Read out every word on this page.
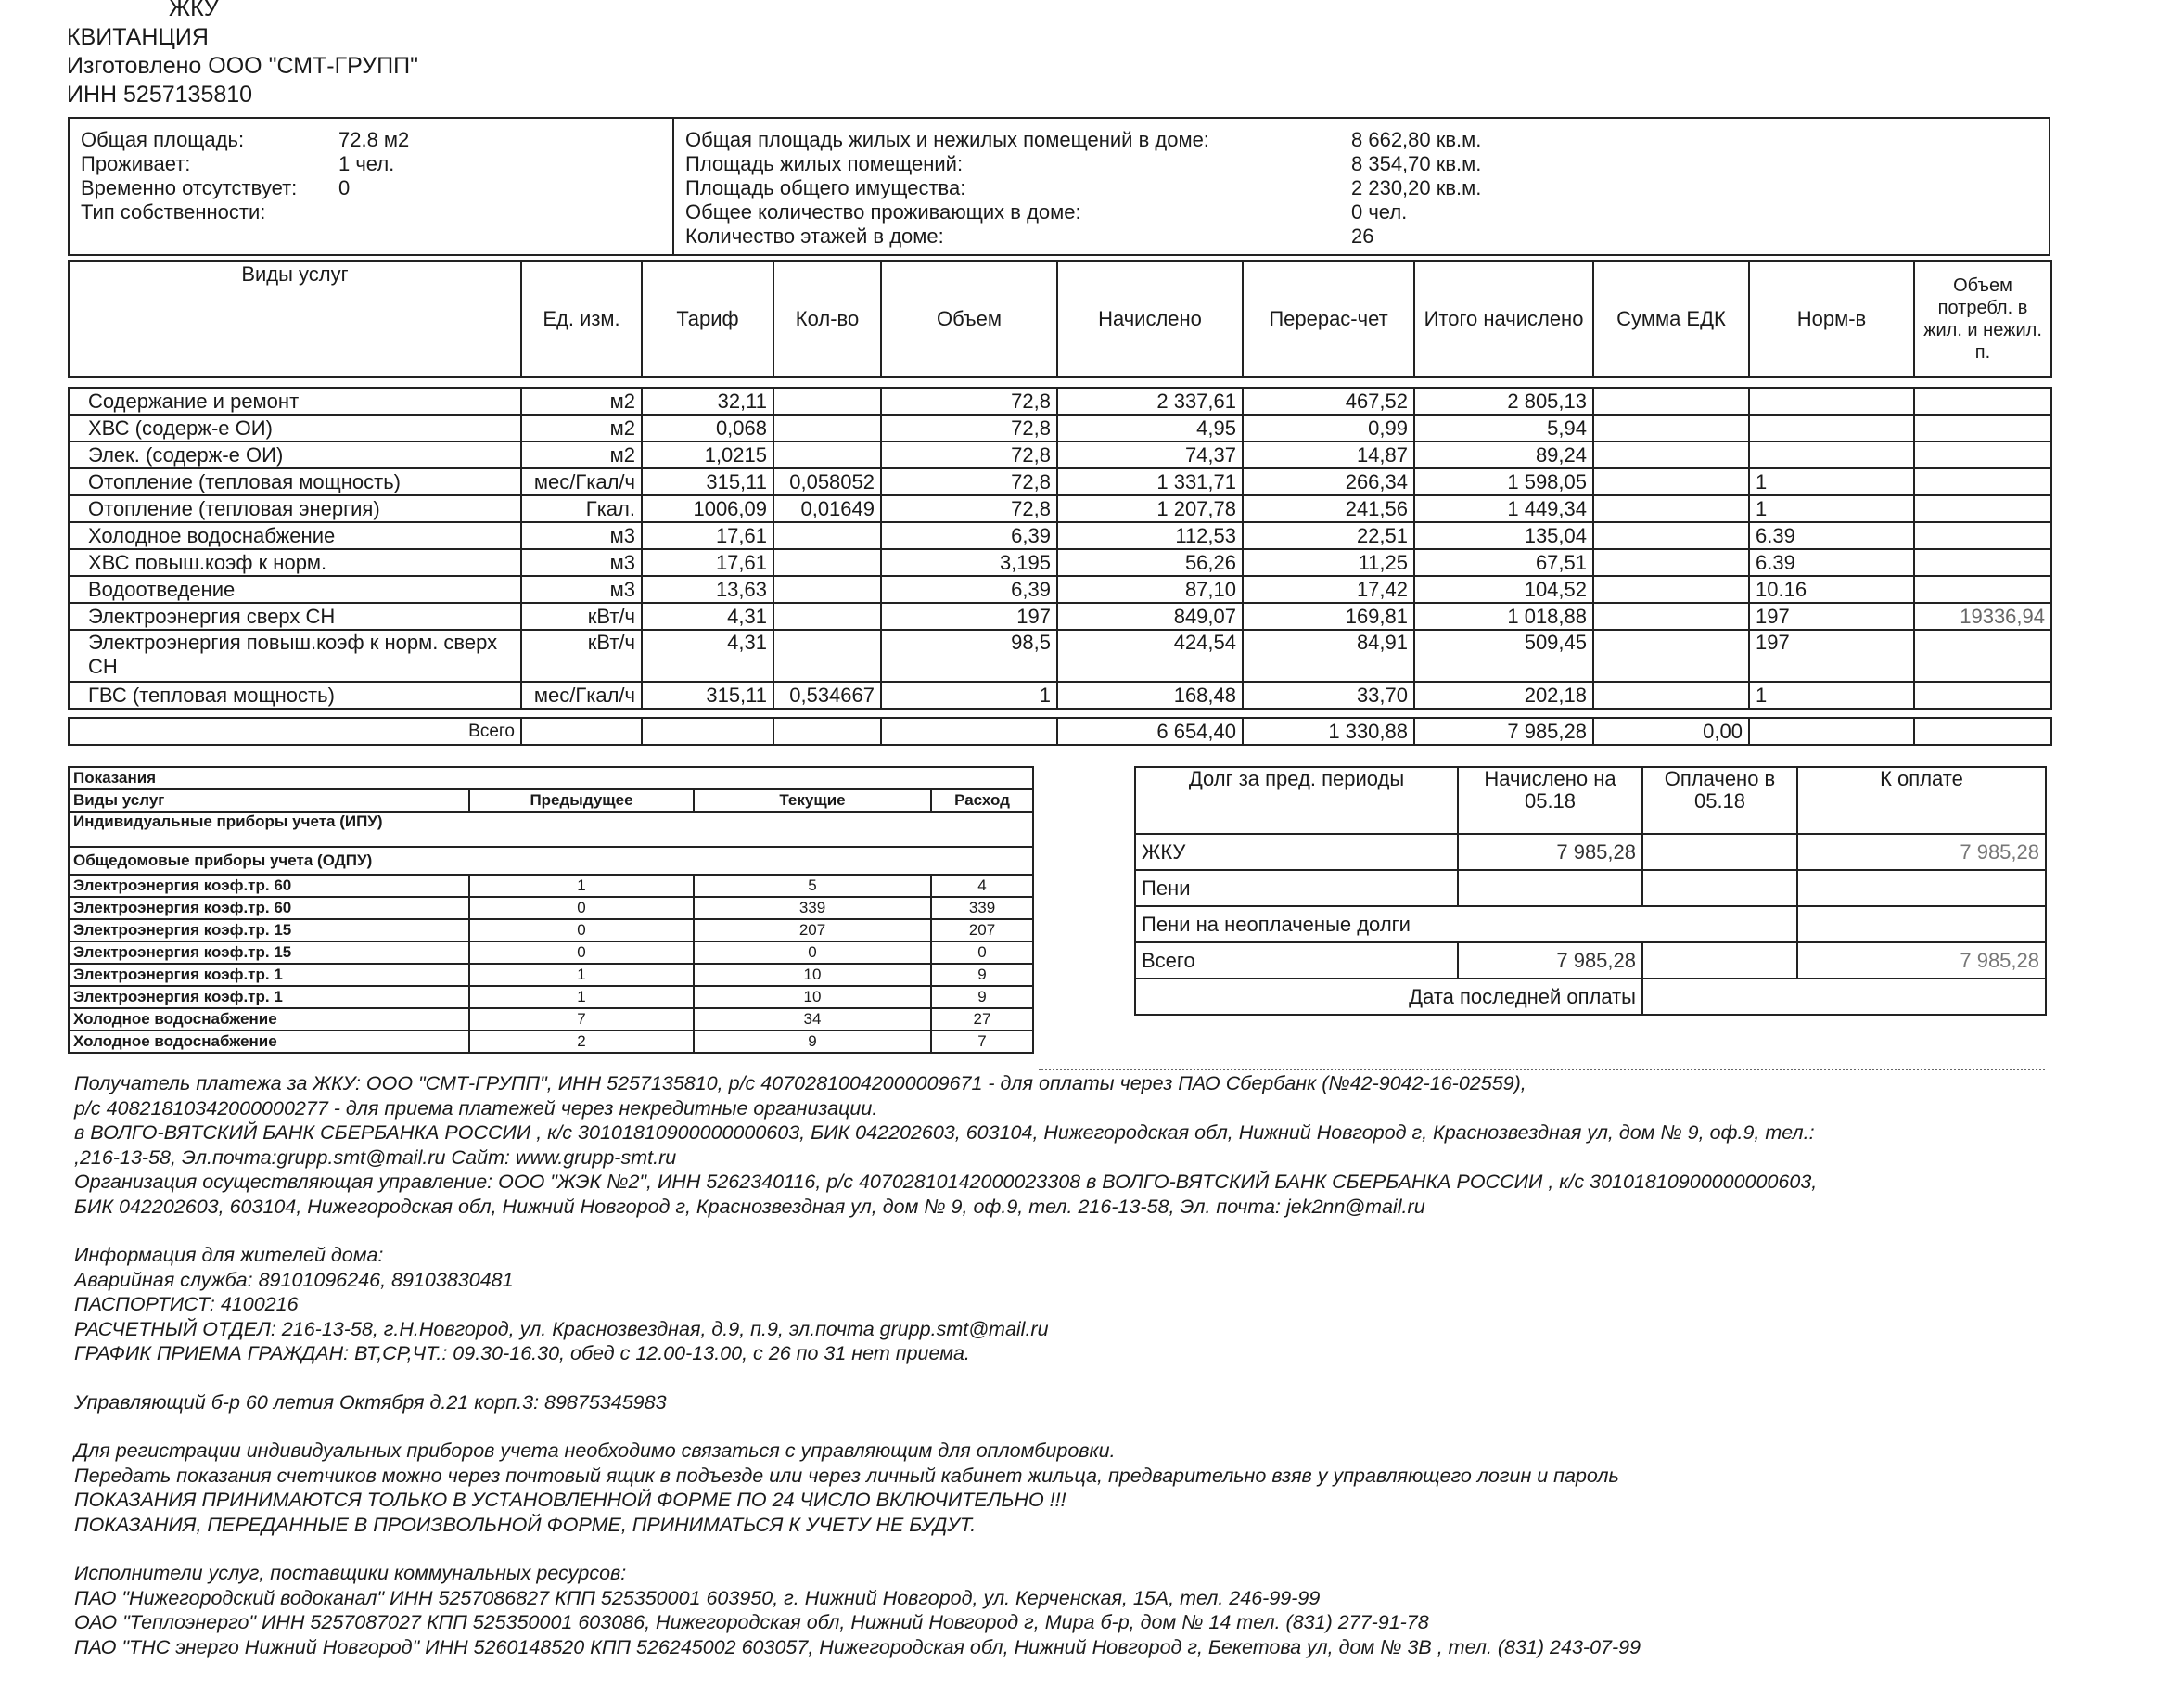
ЖКУ
КВИТАНЦИЯ
Изготовлено ООО "СМТ-ГРУПП"
ИНН 5257135810
Общая площадь:	72.8 м2
Проживает:	1 чел.
Временно отсутствует:	0
Тип собственности:	
Общая площадь жилых и нежилых помещений в доме:	8 662,80 кв.м.
Площадь жилых помещений:	8 354,70 кв.м.
Площадь общего имущества:	2 230,20 кв.м.
Общее количество проживающих в доме:	0 чел.
Количество этажей в доме:	26
Виды услуг	Ед. изм.	Тариф	Кол-во	Объем	Начислено	Перерас-чет	Итого начислено	Сумма ЕДК	Норм-в	Объем потребл. в жил. и нежил. п.

Содержание и ремонт	м2	32,11		72,8	2 337,61	467,52	2 805,13			
ХВС (содерж-е ОИ)	м2	0,068		72,8	4,95	0,99	5,94			
Элек. (содерж-е ОИ)	м2	1,0215		72,8	74,37	14,87	89,24			
Отопление (тепловая мощность)	мес/Гкал/ч	315,11	0,058052	72,8	1 331,71	266,34	1 598,05		1	
Отопление (тепловая энергия)	Гкал.	1006,09	0,01649	72,8	1 207,78	241,56	1 449,34		1	
Холодное водоснабжение	м3	17,61		6,39	112,53	22,51	135,04		6.39	
ХВС повыш.коэф к норм.	м3	17,61		3,195	56,26	11,25	67,51		6.39	
Водоотведение	м3	13,63		6,39	87,10	17,42	104,52		10.16	
Электроэнергия сверх СН	кВт/ч	4,31		197	849,07	169,81	1 018,88		197	19336,94
Электроэнергия повыш.коэф к норм. сверх СН	кВт/ч	4,31		98,5	424,54	84,91	509,45		197	
ГВС (тепловая мощность)	мес/Гкал/ч	315,11	0,534667	1	168,48	33,70	202,18		1	

Всего					6 654,40	1 330,88	7 985,28	0,00		
Показания			
Виды услуг	Предыдущее	Текущие	Расход
Индивидуальные приборы учета (ИПУ)			
Общедомовые приборы учета (ОДПУ)			
Электроэнергия коэф.тр. 60	1	5	4
Электроэнергия коэф.тр. 60	0	339	339
Электроэнергия коэф.тр. 15	0	207	207
Электроэнергия коэф.тр. 15	0	0	0
Электроэнергия коэф.тр. 1	1	10	9
Электроэнергия коэф.тр. 1	1	10	9
Холодное водоснабжение	7	34	27
Холодное водоснабжение	2	9	7
Долг за пред. периоды	Начислено на 05.18	Оплачено в 05.18	К оплате
ЖКУ	7 985,28		7 985,28
Пени			
Пени на неоплаченые долги			
Всего	7 985,28		7 985,28
Дата последней оплаты			
Получатель платежа за ЖКУ: ООО "СМТ-ГРУПП", ИНН 5257135810, р/с 40702810042000009671 - для оплаты через ПАО Сбербанк (№42-9042-16-02559),
р/с 40821810342000000277 - для приема платежей через некредитные организации.
в ВОЛГО-ВЯТСКИЙ БАНК СБЕРБАНКА РОССИИ , к/с 30101810900000000603, БИК 042202603, 603104, Нижегородская обл, Нижний Новгород г, Краснозвездная ул, дом № 9, оф.9, тел.:
,216-13-58, Эл.почта:grupp.smt@mail.ru Сайт: www.grupp-smt.ru
Организация осуществляющая управление: ООО "ЖЭК №2", ИНН 5262340116, р/с 40702810142000023308 в ВОЛГО-ВЯТСКИЙ БАНК СБЕРБАНКА РОССИИ , к/с 30101810900000000603,
БИК 042202603, 603104, Нижегородская обл, Нижний Новгород г, Краснозвездная ул, дом № 9, оф.9, тел. 216-13-58, Эл. почта: jek2nn@mail.ru
Информация для жителей дома:
Аварийная служба: 89101096246, 89103830481
ПАСПОРТИСТ: 4100216
РАСЧЕТНЫЙ ОТДЕЛ: 216-13-58, г.Н.Новгород, ул. Краснозвездная, д.9, п.9, эл.почта grupp.smt@mail.ru
ГРАФИК ПРИЕМА ГРАЖДАН: ВТ,СР,ЧТ.: 09.30-16.30, обед с 12.00-13.00, с 26 по 31 нет приема.
Управляющий б-р 60 летия Октября д.21 корп.3: 89875345983
Для регистрации индивидуальных приборов учета необходимо связаться с управляющим для опломбировки.
Передать показания счетчиков можно через почтовый ящик в подъезде или через личный кабинет жильца, предварительно взяв у управляющего логин и пароль
ПОКАЗАНИЯ ПРИНИМАЮТСЯ ТОЛЬКО В УСТАНОВЛЕННОЙ ФОРМЕ ПО 24 ЧИСЛО ВКЛЮЧИТЕЛЬНО !!!
ПОКАЗАНИЯ, ПЕРЕДАННЫЕ В ПРОИЗВОЛЬНОЙ ФОРМЕ, ПРИНИМАТЬСЯ К УЧЕТУ НЕ БУДУТ.
Исполнители услуг, поставщики коммунальных ресурсов:
ПАО "Нижегородский водоканал" ИНН 5257086827 КПП 525350001 603950, г. Нижний Новгород, ул. Керченская, 15А, тел. 246-99-99
ОАО "Теплоэнерго" ИНН 5257087027 КПП 525350001 603086, Нижегородская обл, Нижний Новгород г, Мира б-р, дом № 14 тел. (831) 277-91-78
ПАО "ТНС энерго Нижний Новгород" ИНН 5260148520 КПП 526245002 603057, Нижегородская обл, Нижний Новгород г, Бекетова ул, дом № 3В , тел. (831) 243-07-99
